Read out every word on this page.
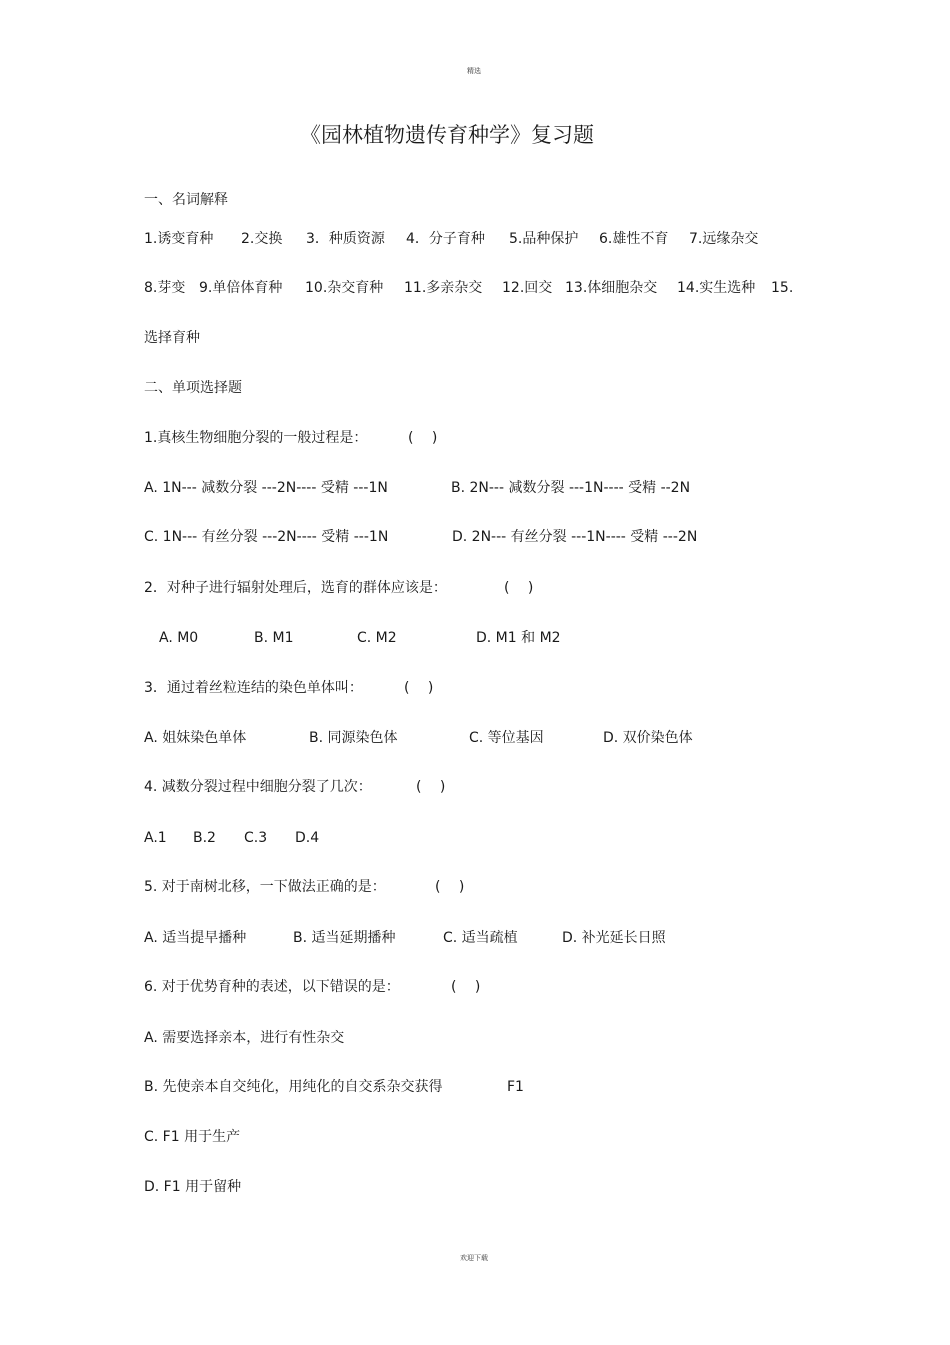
精选
《园林植物遗传育种学》复习题
一、名词解释
1.诱变育种 2.交换 3．种质资源 4．分子育种 5.品种保护 6.雄性不育 7.远缘杂交
8.芽变 9.单倍体育种 10.杂交育种 11.多亲杂交 12.回交 13.体细胞杂交 14.实生选种 15.
选择育种
二、单项选择题
1.真核生物细胞分裂的一般过程是：	(　 )
A. 1N--- 减数分裂 ---2N---- 受精 ---1N	B. 2N--- 减数分裂 ---1N---- 受精 --2N
C. 1N--- 有丝分裂 ---2N---- 受精 ---1N	D. 2N--- 有丝分裂 ---1N---- 受精 ---2N
2．对种子进行辐射处理后，选育的群体应该是：	(　 )
A. M0	B. M1	C. M2	D. M1 和 M2
3．通过着丝粒连结的染色单体叫：	(　 )
A. 姐妹染色单体	B. 同源染色体	C. 等位基因	D. 双价染色体
4. 减数分裂过程中细胞分裂了几次：	(　 )
A.1 B.2 C.3 D.4
5. 对于南树北移，一下做法正确的是：	(　 )
A. 适当提早播种	B. 适当延期播种	C. 适当疏植	D. 补光延长日照
6. 对于优势育种的表述，以下错误的是：	(　 )
A. 需要选择亲本，进行有性杂交
B. 先使亲本自交纯化，用纯化的自交系杂交获得	F1
C. F1 用于生产
D. F1 用于留种
欢迎下载
